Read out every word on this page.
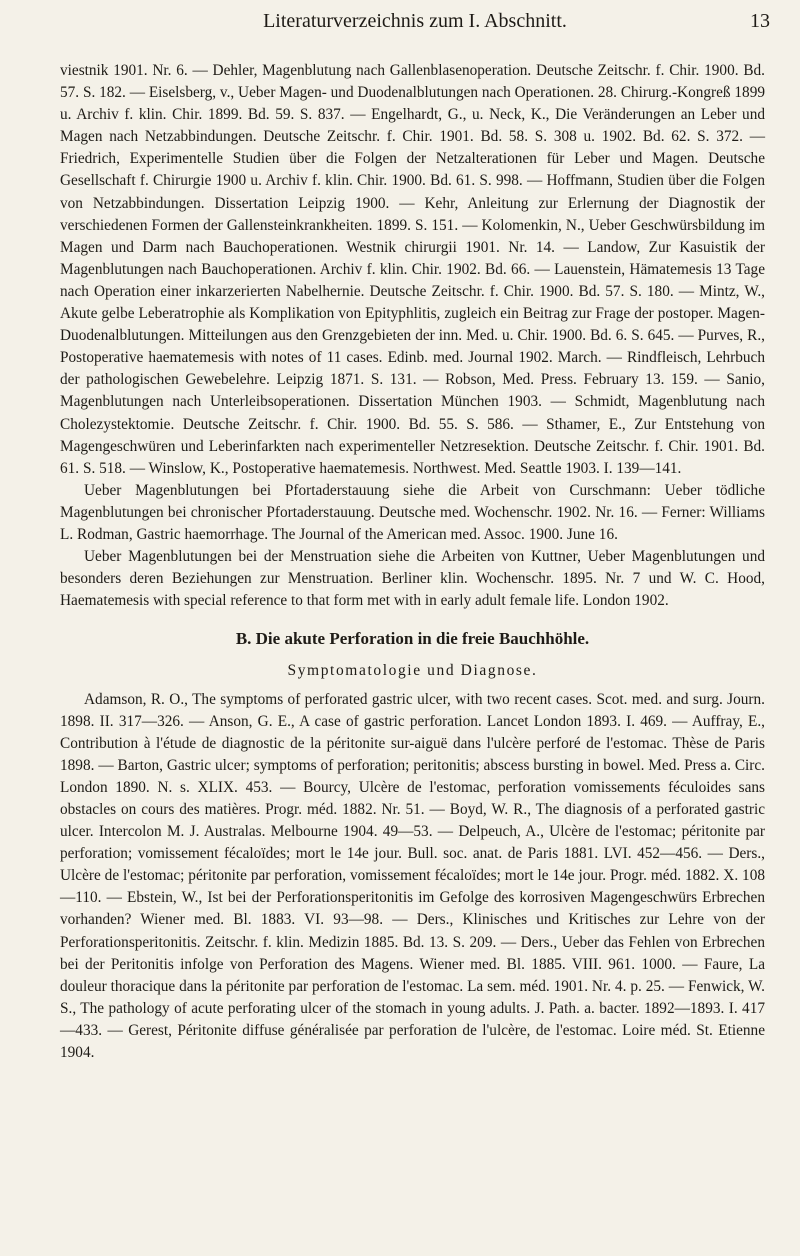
Literaturverzeichnis zum I. Abschnitt.	13

viestnik 1901. Nr. 6. — Dehler, Magenblutung nach Gallenblasenoperation. Deutsche Zeitschr. f. Chir. 1900. Bd. 57. S. 182. — Eiselsberg, v., Ueber Magen- und Duodenalblutungen nach Operationen. 28. Chirurg.-Kongreß 1899 u. Archiv f. klin. Chir. 1899. Bd. 59. S. 837. — Engelhardt, G., u. Neck, K., Die Veränderungen an Leber und Magen nach Netzabbindungen. Deutsche Zeitschr. f. Chir. 1901. Bd. 58. S. 308 u. 1902. Bd. 62. S. 372. — Friedrich, Experimentelle Studien über die Folgen der Netzalterationen für Leber und Magen. Deutsche Gesellschaft f. Chirurgie 1900 u. Archiv f. klin. Chir. 1900. Bd. 61. S. 998. — Hoffmann, Studien über die Folgen von Netzabbindungen. Dissertation Leipzig 1900. — Kehr, Anleitung zur Erlernung der Diagnostik der verschiedenen Formen der Gallensteinkrankheiten. 1899. S. 151. — Kolomenkin, N., Ueber Geschwürsbildung im Magen und Darm nach Bauchoperationen. Westnik chirurgii 1901. Nr. 14. — Landow, Zur Kasuistik der Magenblutungen nach Bauchoperationen. Archiv f. klin. Chir. 1902. Bd. 66. — Lauenstein, Hämatemesis 13 Tage nach Operation einer inkarzerierten Nabelhernie. Deutsche Zeitschr. f. Chir. 1900. Bd. 57. S. 180. — Mintz, W., Akute gelbe Leberatrophie als Komplikation von Epityphlitis, zugleich ein Beitrag zur Frage der postoper. Magen-Duodenalblutungen. Mitteilungen aus den Grenzgebieten der inn. Med. u. Chir. 1900. Bd. 6. S. 645. — Purves, R., Postoperative haematemesis with notes of 11 cases. Edinb. med. Journal 1902. March. — Rindfleisch, Lehrbuch der pathologischen Gewebelehre. Leipzig 1871. S. 131. — Robson, Med. Press. February 13. 159. — Sanio, Magenblutungen nach Unterleibsoperationen. Dissertation München 1903. — Schmidt, Magenblutung nach Cholezystektomie. Deutsche Zeitschr. f. Chir. 1900. Bd. 55. S. 586. — Sthamer, E., Zur Entstehung von Magengeschwüren und Leberinfarkten nach experimenteller Netzresektion. Deutsche Zeitschr. f. Chir. 1901. Bd. 61. S. 518. — Winslow, K., Postoperative haematemesis. Northwest. Med. Seattle 1903. I. 139—141.

Ueber Magenblutungen bei Pfortaderstauung siehe die Arbeit von Curschmann: Ueber tödliche Magenblutungen bei chronischer Pfortaderstauung. Deutsche med. Wochenschr. 1902. Nr. 16. — Ferner: Williams L. Rodman, Gastric haemorrhage. The Journal of the American med. Assoc. 1900. June 16.

Ueber Magenblutungen bei der Menstruation siehe die Arbeiten von Kuttner, Ueber Magenblutungen und besonders deren Beziehungen zur Menstruation. Berliner klin. Wochenschr. 1895. Nr. 7 und W. C. Hood, Haematemesis with special reference to that form met with in early adult female life. London 1902.

B. Die akute Perforation in die freie Bauchhöhle.
Symptomatologie und Diagnose.

Adamson, R. O., The symptoms of perforated gastric ulcer, with two recent cases. Scot. med. and surg. Journ. 1898. II. 317—326. — Anson, G. E., A case of gastric perforation. Lancet London 1893. I. 469. — Auffray, E., Contribution à l'étude de diagnostic de la péritonite sur-aiguë dans l'ulcère perforé de l'estomac. Thèse de Paris 1898. — Barton, Gastric ulcer; symptoms of perforation; peritonitis; abscess bursting in bowel. Med. Press a. Circ. London 1890. N. s. XLIX. 453. — Bourcy, Ulcère de l'estomac, perforation vomissements féculoides sans obstacles on cours des matières. Progr. méd. 1882. Nr. 51. — Boyd, W. R., The diagnosis of a perforated gastric ulcer. Intercolon M. J. Australas. Melbourne 1904. 49—53. — Delpeuch, A., Ulcère de l'estomac; péritonite par perforation; vomissement fécaloïdes; mort le 14e jour. Bull. soc. anat. de Paris 1881. LVI. 452—456. — Ders., Ulcère de l'estomac; péritonite par perforation, vomissement fécaloïdes; mort le 14e jour. Progr. méd. 1882. X. 108—110. — Ebstein, W., Ist bei der Perforationsperitonitis im Gefolge des korrosiven Magengeschwürs Erbrechen vorhanden? Wiener med. Bl. 1883. VI. 93—98. — Ders., Klinisches und Kritisches zur Lehre von der Perforationsperitonitis. Zeitschr. f. klin. Medizin 1885. Bd. 13. S. 209. — Ders., Ueber das Fehlen von Erbrechen bei der Peritonitis infolge von Perforation des Magens. Wiener med. Bl. 1885. VIII. 961. 1000. — Faure, La douleur thoracique dans la péritonite par perforation de l'estomac. La sem. méd. 1901. Nr. 4. p. 25. — Fenwick, W. S., The pathology of acute perforating ulcer of the stomach in young adults. J. Path. a. bacter. 1892—1893. I. 417—433. — Gerest, Péritonite diffuse généralisée par perforation de l'ulcère, de l'estomac. Loire méd. St. Etienne 1904.
